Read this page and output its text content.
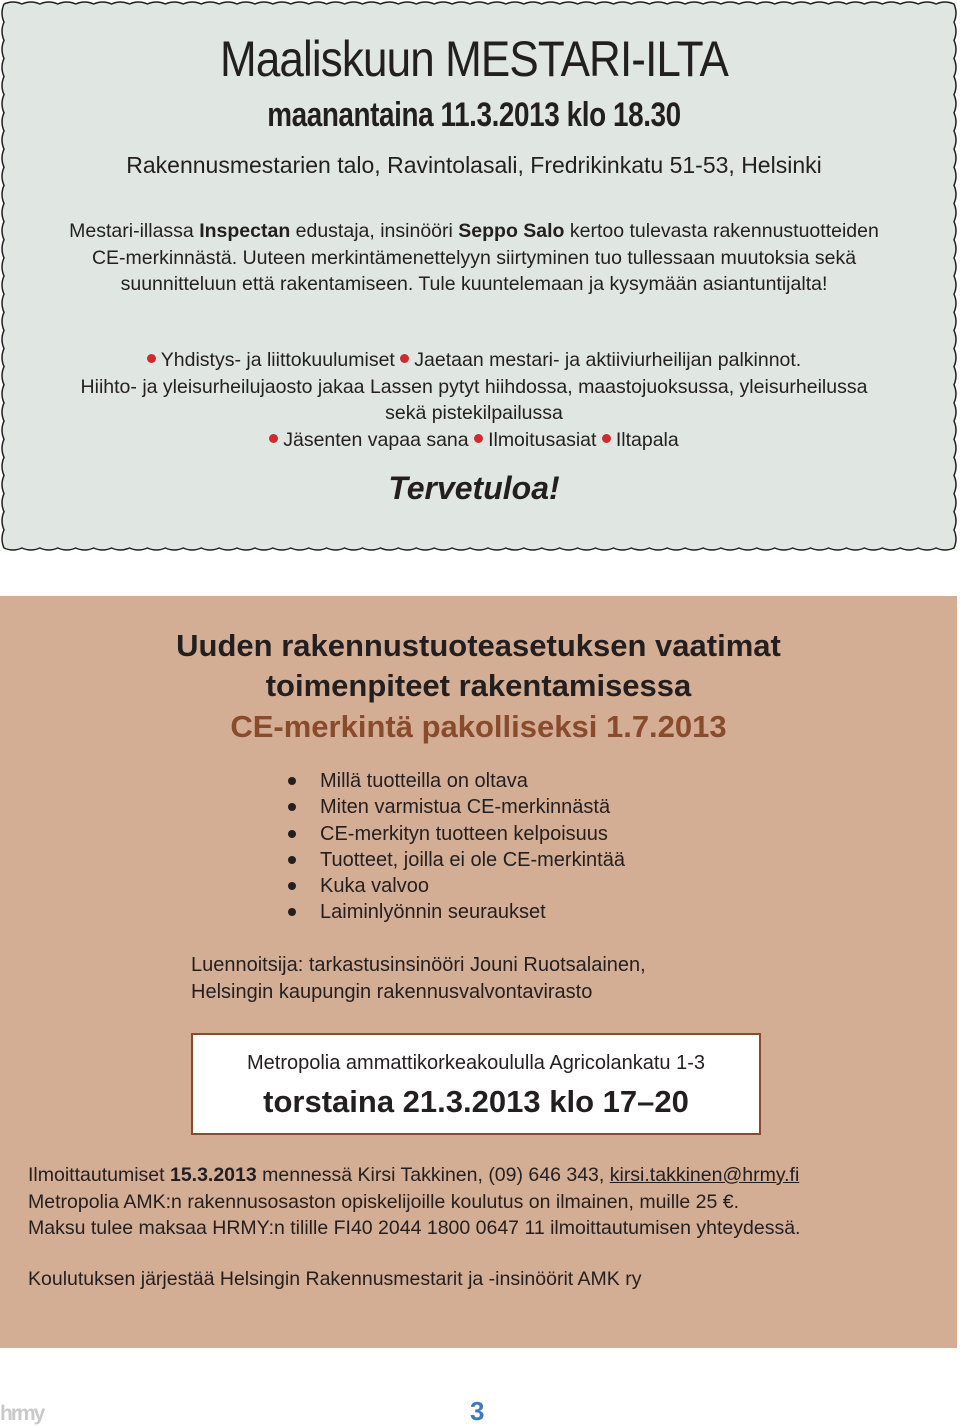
Maaliskuun MESTARI-ILTA
maanantaina 11.3.2013 klo 18.30

Rakennusmestarien talo, Ravintolasali, Fredrikinkatu 51-53, Helsinki

Mestari-illassa Inspectan edustaja, insinööri Seppo Salo kertoo tulevasta rakennustuotteiden CE-merkinnästä. Uuteen merkintämenettelyyn siirtyminen tuo tullessaan muutoksia sekä suunnitteluun että rakentamiseen. Tule kuuntelemaan ja kysymään asiantuntijalta!

Yhdistys- ja liittokuulumiset Jaetaan mestari- ja aktiiviurheilijan palkinnot.
Hiihto- ja yleisurheilujaosto jakaa Lassen pytyt hiihdossa, maastojuoksussa, yleisurheilussa sekä pistekilpailussa
Jäsenten vapaa sana Ilmoitusasiat Iltapala

Tervetuloa!

Uuden rakennustuoteasetuksen vaatimat
toimenpiteet rakentamisessa
CE-merkintä pakolliseksi 1.7.2013
Millä tuotteilla on oltava
Miten varmistua CE-merkinnästä
CE-merkityn tuotteen kelpoisuus
Tuotteet, joilla ei ole CE-merkintää
Kuka valvoo
Laiminlyönnin seuraukset

Luennoitsija: tarkastusinsinööri Jouni Ruotsalainen,
Helsingin kaupungin rakennusvalvontavirasto

Metropolia ammattikorkeakoululla Agricolankatu 1-3

torstaina 21.3.2013 klo 17–20

Ilmoittautumiset 15.3.2013 mennessä Kirsi Takkinen, (09) 646 343, kirsi.takkinen@hrmy.fi
Metropolia AMK:n rakennusosaston opiskelijoille koulutus on ilmainen, muille 25 €.
Maksu tulee maksaa HRMY:n tilille FI40 2044 1800 0647 11 ilmoittautumisen yhteydessä.

Koulutuksen järjestää Helsingin Rakennusmestarit ja -insinöörit AMK ry

hrmy	3
